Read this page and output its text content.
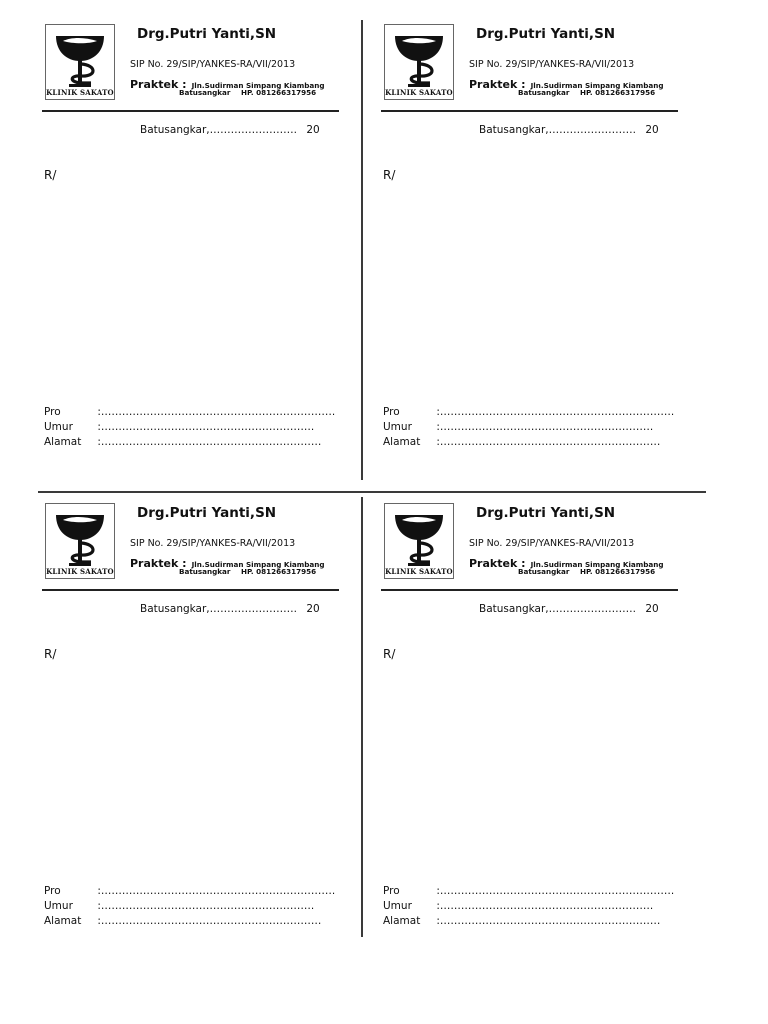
KLINIK SAKATO
Drg.Putri Yanti,SN
SIP No. 29/SIP/YANKES-RA/VII/2013
Praktek : Jln.Sudirman Simpang Kiambang
Batusangkar HP. 081266317956
Batusangkar,……………………. 20
R/
Pro	:………………………………………………………….
Umur :…………………………………………………….
Alamat :………………………………………………………
KLINIK SAKATO
Drg.Putri Yanti,SN
SIP No. 29/SIP/YANKES-RA/VII/2013
Praktek : Jln.Sudirman Simpang Kiambang
Batusangkar HP. 081266317956
Batusangkar,……………………. 20
R/
Pro	:………………………………………………………….
Umur :…………………………………………………….
Alamat :………………………………………………………
KLINIK SAKATO
Drg.Putri Yanti,SN
SIP No. 29/SIP/YANKES-RA/VII/2013
Praktek : Jln.Sudirman Simpang Kiambang
Batusangkar HP. 081266317956
Batusangkar,……………………. 20
R/
Pro	:………………………………………………………….
Umur :…………………………………………………….
Alamat :………………………………………………………
KLINIK SAKATO
Drg.Putri Yanti,SN
SIP No. 29/SIP/YANKES-RA/VII/2013
Praktek : Jln.Sudirman Simpang Kiambang
Batusangkar HP. 081266317956
Batusangkar,……………………. 20
R/
Pro	:………………………………………………………….
Umur :…………………………………………………….
Alamat :………………………………………………………
